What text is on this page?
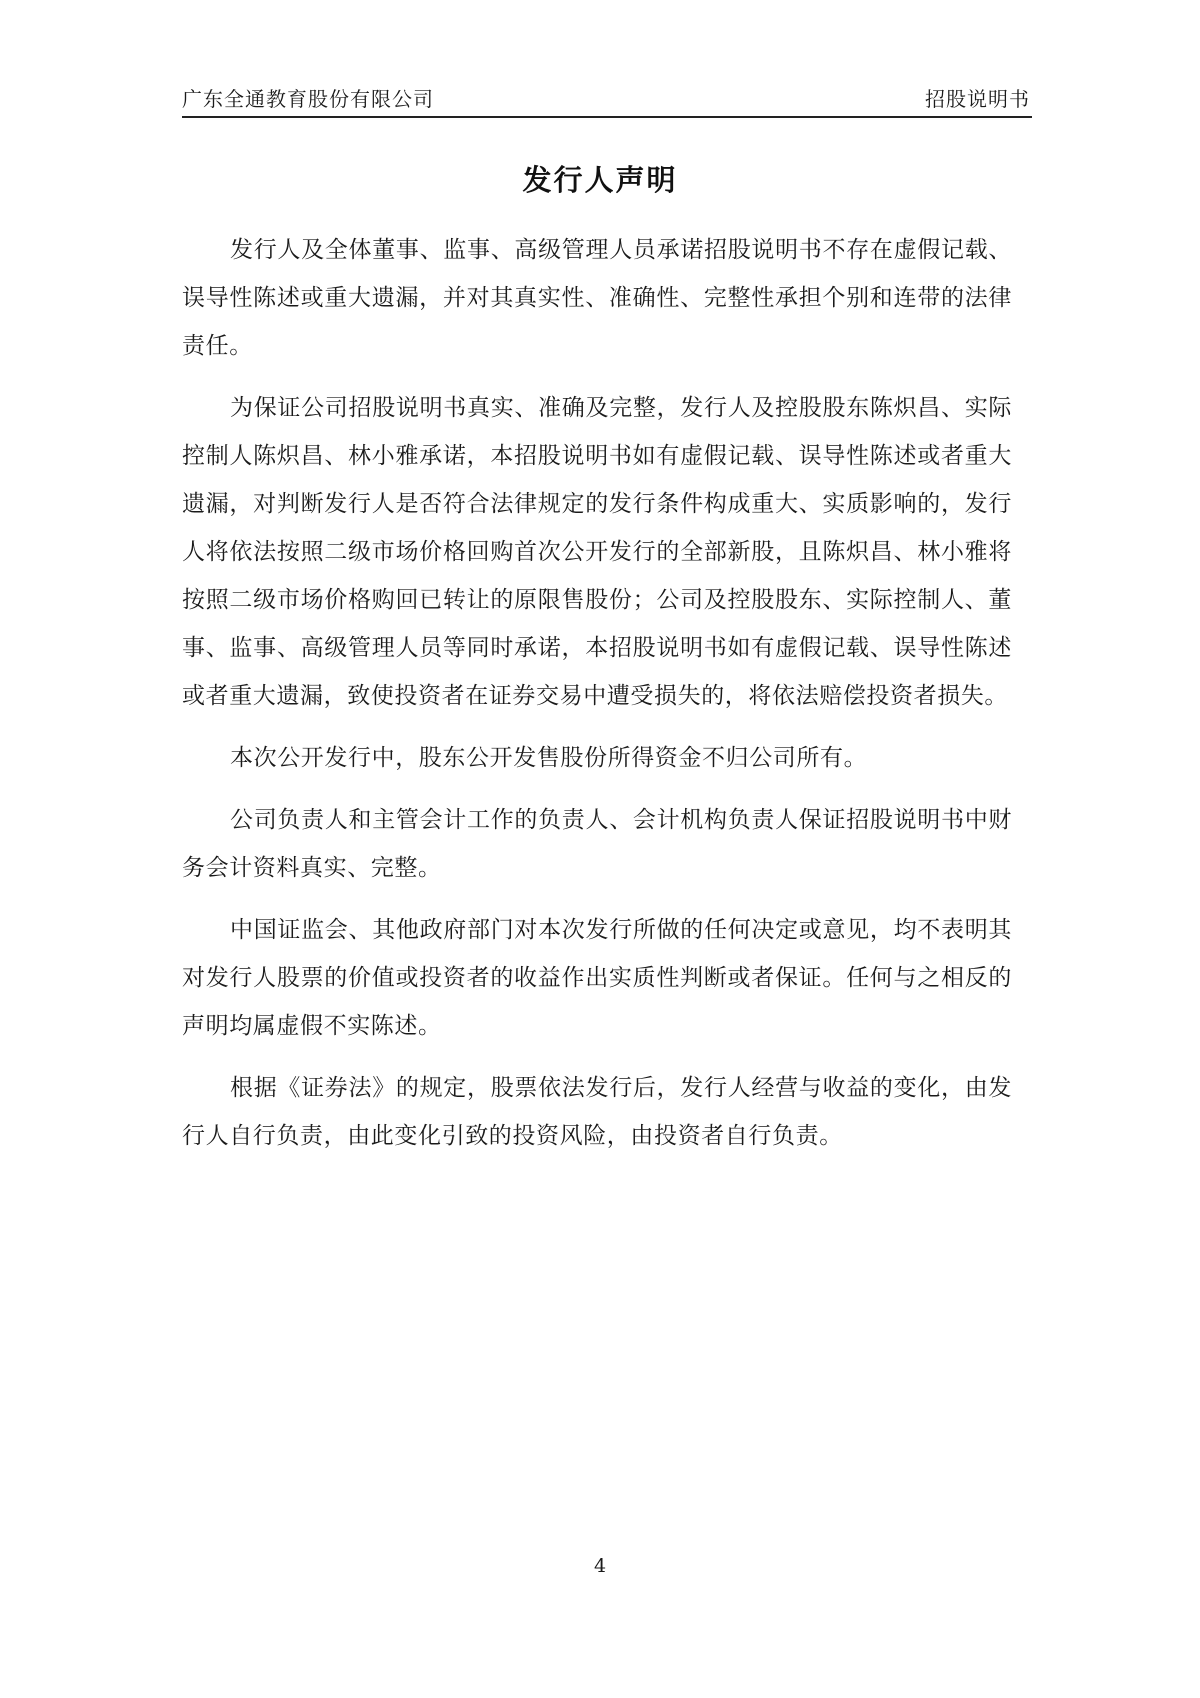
广东全通教育股份有限公司	招股说明书
发行人声明

发行人及全体董事、监事、高级管理人员承诺招股说明书不存在虚假记载、误导性陈述或重大遗漏，并对其真实性、准确性、完整性承担个别和连带的法律责任。

为保证公司招股说明书真实、准确及完整，发行人及控股股东陈炽昌、实际控制人陈炽昌、林小雅承诺，本招股说明书如有虚假记载、误导性陈述或者重大遗漏，对判断发行人是否符合法律规定的发行条件构成重大、实质影响的，发行人将依法按照二级市场价格回购首次公开发行的全部新股，且陈炽昌、林小雅将按照二级市场价格购回已转让的原限售股份；公司及控股股东、实际控制人、董事、监事、高级管理人员等同时承诺，本招股说明书如有虚假记载、误导性陈述或者重大遗漏，致使投资者在证券交易中遭受损失的，将依法赔偿投资者损失。

本次公开发行中，股东公开发售股份所得资金不归公司所有。

公司负责人和主管会计工作的负责人、会计机构负责人保证招股说明书中财务会计资料真实、完整。

中国证监会、其他政府部门对本次发行所做的任何决定或意见，均不表明其对发行人股票的价值或投资者的收益作出实质性判断或者保证。任何与之相反的声明均属虚假不实陈述。

根据《证券法》的规定，股票依法发行后，发行人经营与收益的变化，由发行人自行负责，由此变化引致的投资风险，由投资者自行负责。

4
